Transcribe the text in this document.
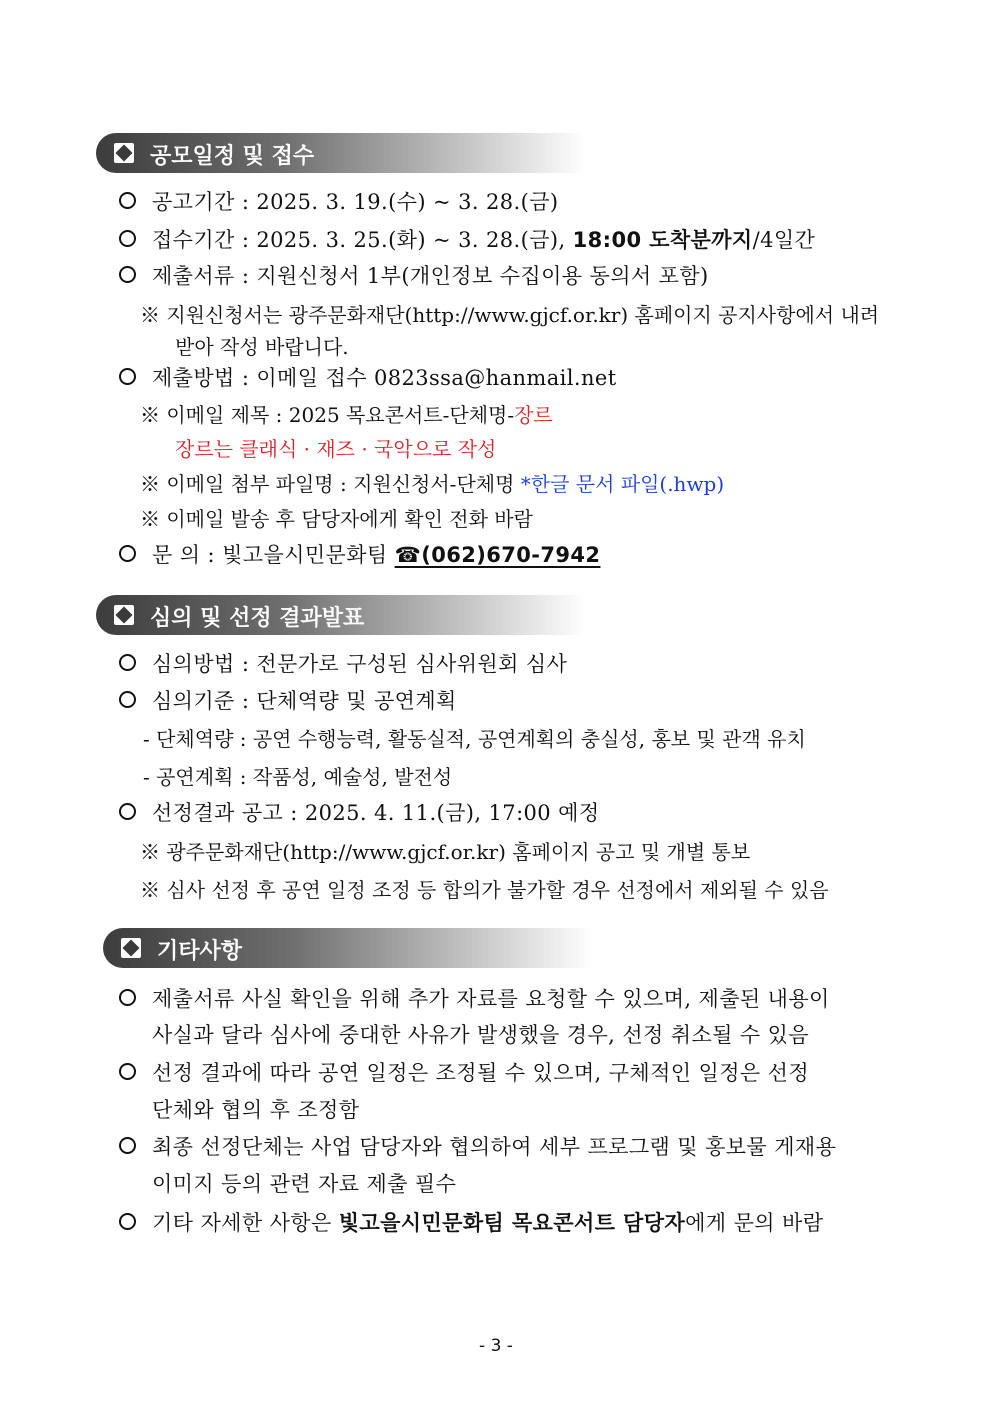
공모일정 및 접수
공고기간 : 2025. 3. 19.(수) ~ 3. 28.(금)
접수기간 : 2025. 3. 25.(화) ~ 3. 28.(금), 18:00 도착분까지/4일간
제출서류 : 지원신청서 1부(개인정보 수집이용 동의서 포함)
※ 지원신청서는 광주문화재단(http://www.gjcf.or.kr) 홈페이지 공지사항에서 내려
받아 작성 바랍니다.
제출방법 : 이메일 접수 0823ssa@hanmail.net
※ 이메일 제목 : 2025 목요콘서트-단체명-장르
장르는 클래식 · 재즈 · 국악으로 작성
※ 이메일 첨부 파일명 : 지원신청서-단체명 *한글 문서 파일(.hwp)
※ 이메일 발송 후 담당자에게 확인 전화 바람
문 의 : 빛고을시민문화팀 ☎(062)670-7942
심의 및 선정 결과발표
심의방법 : 전문가로 구성된 심사위원회 심사
심의기준 : 단체역량 및 공연계획
- 단체역량 : 공연 수행능력, 활동실적, 공연계획의 충실성, 홍보 및 관객 유치
- 공연계획 : 작품성, 예술성, 발전성
선정결과 공고 : 2025. 4. 11.(금), 17:00 예정
※ 광주문화재단(http://www.gjcf.or.kr) 홈페이지 공고 및 개별 통보
※ 심사 선정 후 공연 일정 조정 등 합의가 불가할 경우 선정에서 제외될 수 있음
기타사항
제출서류 사실 확인을 위해 추가 자료를 요청할 수 있으며, 제출된 내용이
사실과 달라 심사에 중대한 사유가 발생했을 경우, 선정 취소될 수 있음
선정 결과에 따라 공연 일정은 조정될 수 있으며, 구체적인 일정은 선정
단체와 협의 후 조정함
최종 선정단체는 사업 담당자와 협의하여 세부 프로그램 및 홍보물 게재용
이미지 등의 관련 자료 제출 필수
기타 자세한 사항은 빛고을시민문화팀 목요콘서트 담당자에게 문의 바람
- 3 -
